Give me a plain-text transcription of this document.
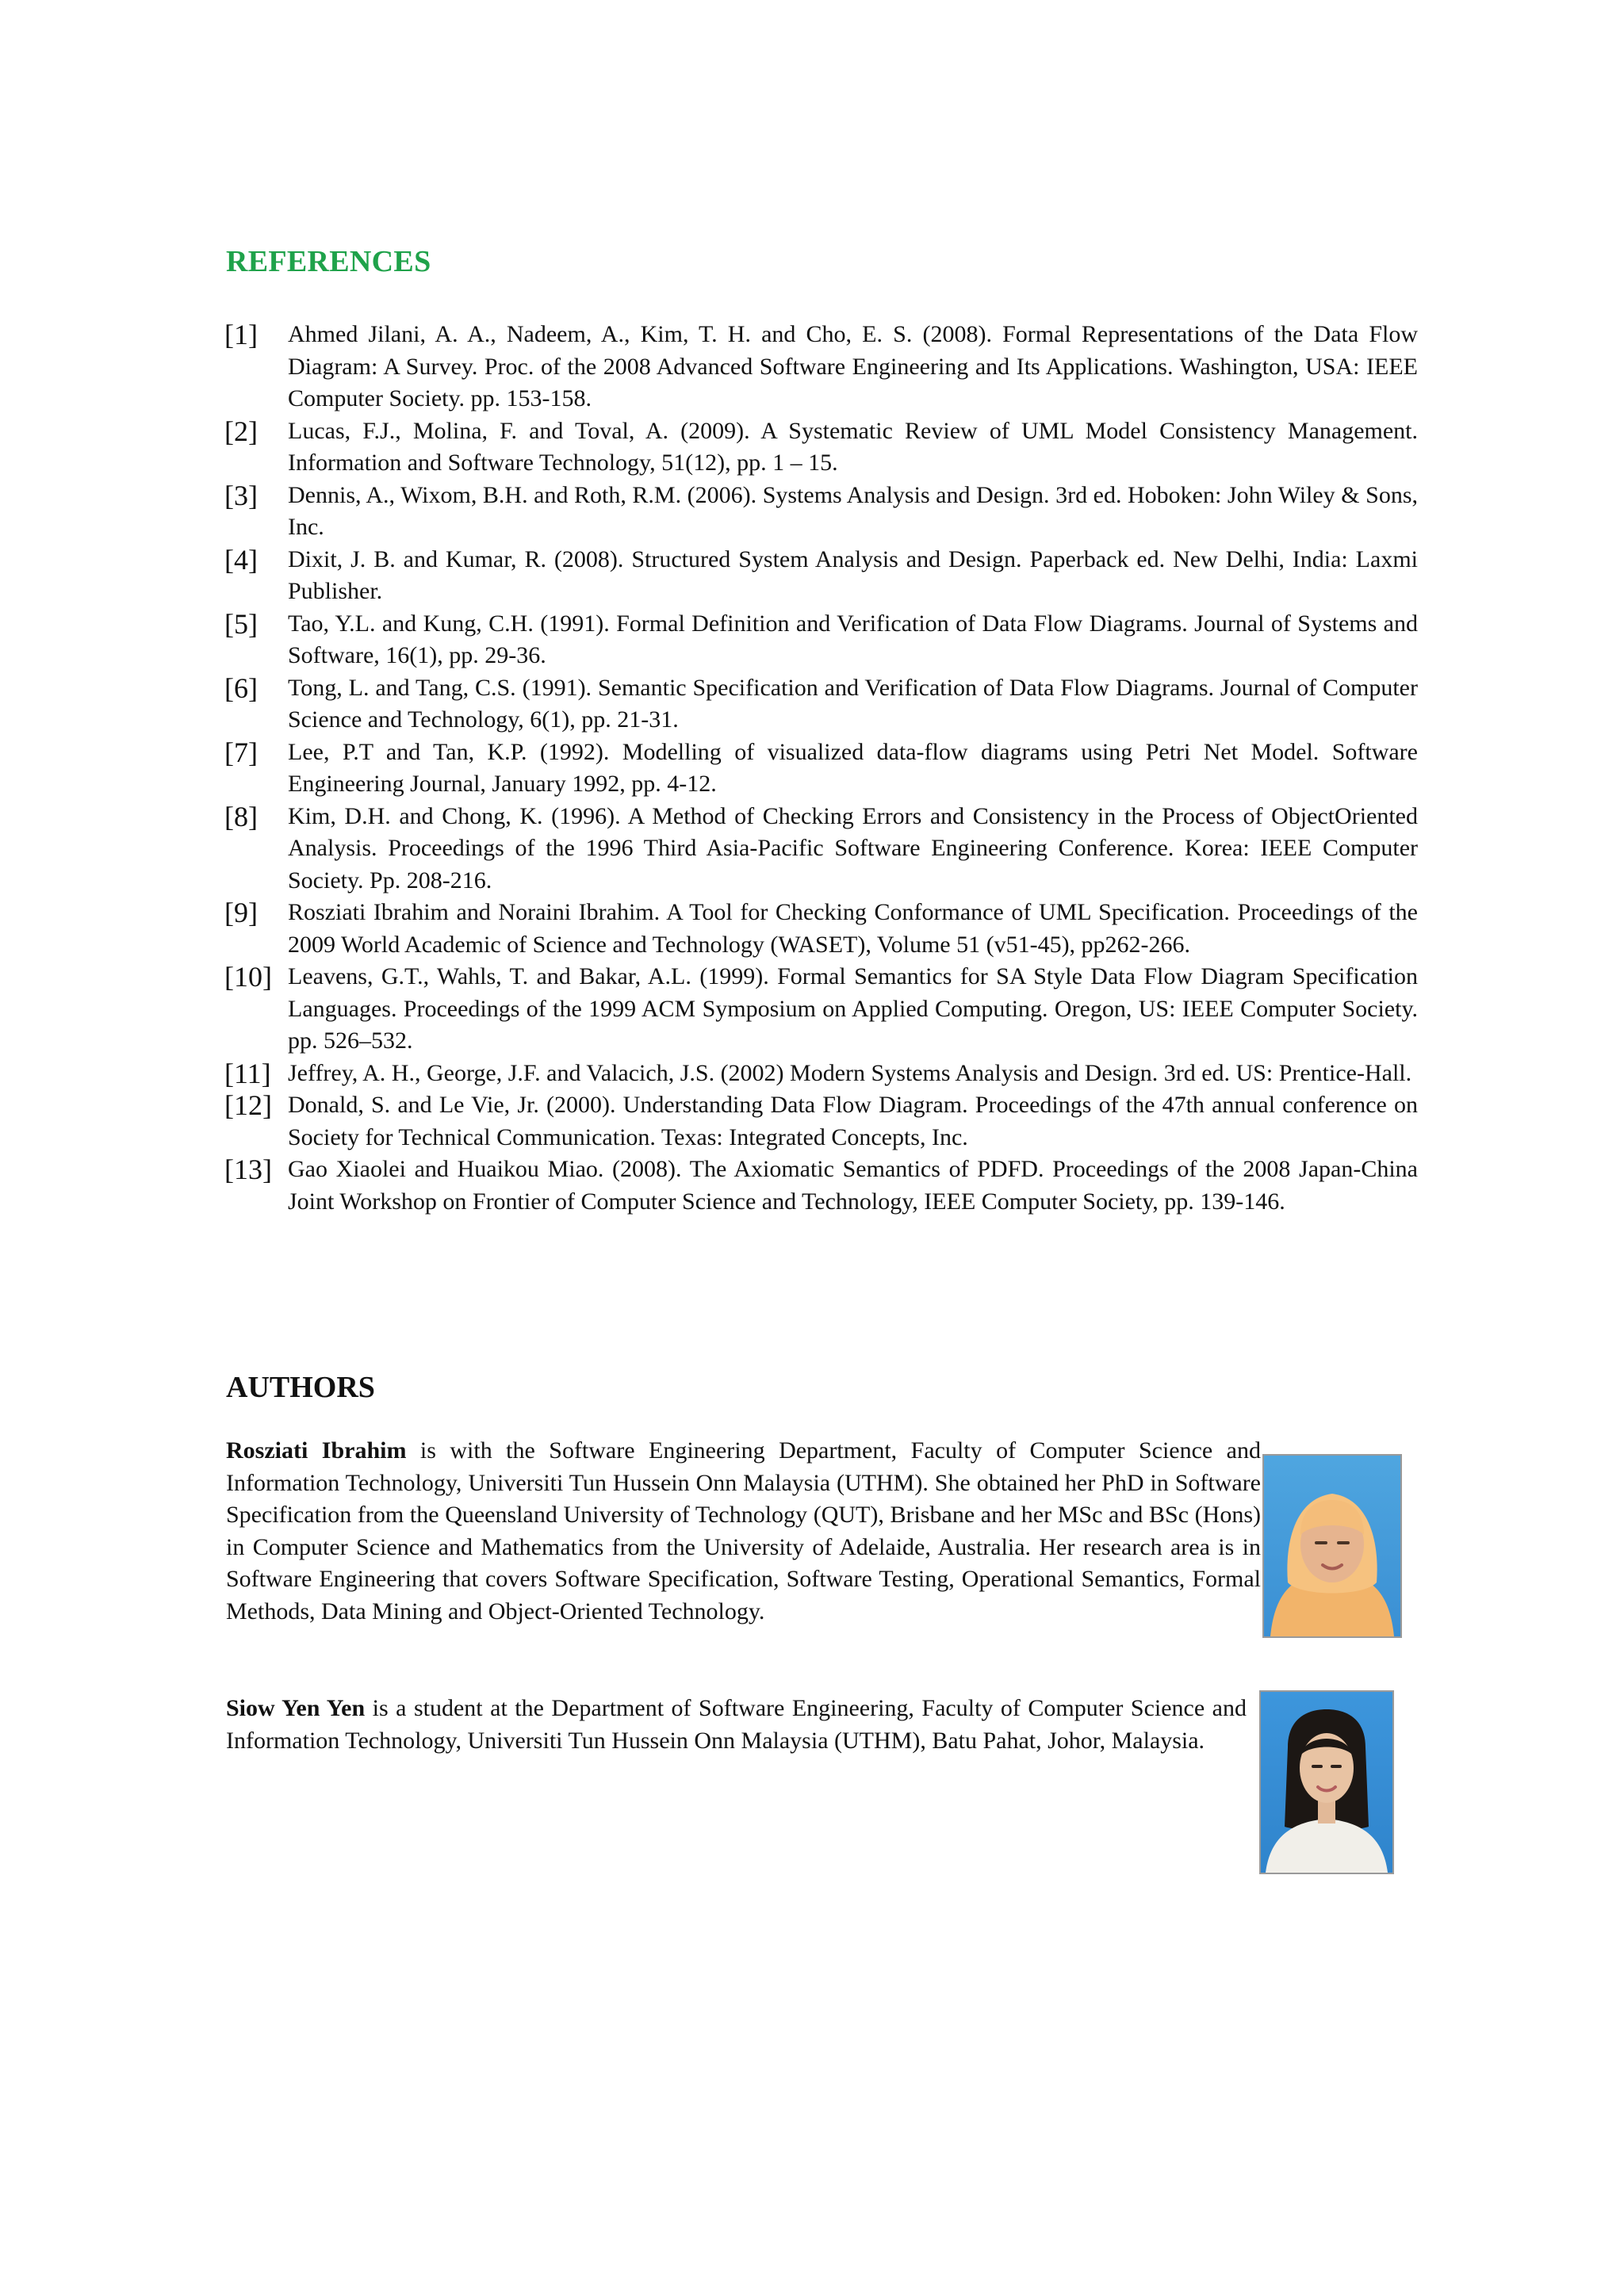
REFERENCES
[1]	Ahmed Jilani, A. A., Nadeem, A., Kim, T. H. and Cho, E. S. (2008). Formal Representations of the Data Flow Diagram: A Survey. Proc. of the 2008 Advanced Software Engineering and Its Applications. Washington, USA: IEEE Computer Society. pp. 153-158.

[2]	Lucas, F.J., Molina, F. and Toval, A. (2009). A Systematic Review of UML Model Consistency Management. Information and Software Technology, 51(12), pp. 1 – 15.

[3]	Dennis, A., Wixom, B.H. and Roth, R.M. (2006). Systems Analysis and Design. 3rd ed. Hoboken: John Wiley & Sons, Inc.

[4]	Dixit, J. B. and Kumar, R. (2008). Structured System Analysis and Design. Paperback ed. New Delhi, India: Laxmi Publisher.

[5]	Tao, Y.L. and Kung, C.H. (1991). Formal Definition and Verification of Data Flow Diagrams. Journal of Systems and Software, 16(1), pp. 29-36.

[6]	Tong, L. and Tang, C.S. (1991). Semantic Specification and Verification of Data Flow Diagrams. Journal of Computer Science and Technology, 6(1), pp. 21-31.

[7]	Lee, P.T and Tan, K.P. (1992). Modelling of visualized data-flow diagrams using Petri Net Model. Software Engineering Journal, January 1992, pp. 4-12.

[8]	Kim, D.H. and Chong, K. (1996). A Method of Checking Errors and Consistency in the Process of ObjectOriented Analysis. Proceedings of the 1996 Third Asia-Pacific Software Engineering Conference. Korea: IEEE Computer Society. Pp. 208-216.

[9]	Rosziati Ibrahim and Noraini Ibrahim. A Tool for Checking Conformance of UML Specification. Proceedings of the 2009 World Academic of Science and Technology (WASET), Volume 51 (v51-45), pp262-266.

[10] Leavens, G.T., Wahls, T. and Bakar, A.L. (1999). Formal Semantics for SA Style Data Flow Diagram Specification Languages. Proceedings of the 1999 ACM Symposium on Applied Computing. Oregon, US: IEEE Computer Society. pp. 526–532.

[11] Jeffrey, A. H., George, J.F. and Valacich, J.S. (2002) Modern Systems Analysis and Design. 3rd ed. US: Prentice-Hall.

[12] Donald, S. and Le Vie, Jr. (2000). Understanding Data Flow Diagram. Proceedings of the 47th annual conference on Society for Technical Communication. Texas: Integrated Concepts, Inc.

[13] Gao Xiaolei and Huaikou Miao. (2008). The Axiomatic Semantics of PDFD. Proceedings of the 2008 Japan-China Joint Workshop on Frontier of Computer Science and Technology, IEEE Computer Society, pp. 139-146.

AUTHORS

Rosziati Ibrahim is with the Software Engineering Department, Faculty of Computer Science and Information Technology, Universiti Tun Hussein Onn Malaysia (UTHM). She obtained her PhD in Software Specification from the Queensland University of Technology (QUT), Brisbane and her MSc and BSc (Hons) in Computer Science and Mathematics from the University of Adelaide, Australia. Her research area is in Software Engineering that covers Software Specification, Software Testing, Operational Semantics, Formal Methods, Data Mining and Object-Oriented Technology.

Siow Yen Yen is a student at the Department of Software Engineering, Faculty of Computer Science and Information Technology, Universiti Tun Hussein Onn Malaysia (UTHM), Batu Pahat, Johor, Malaysia.
